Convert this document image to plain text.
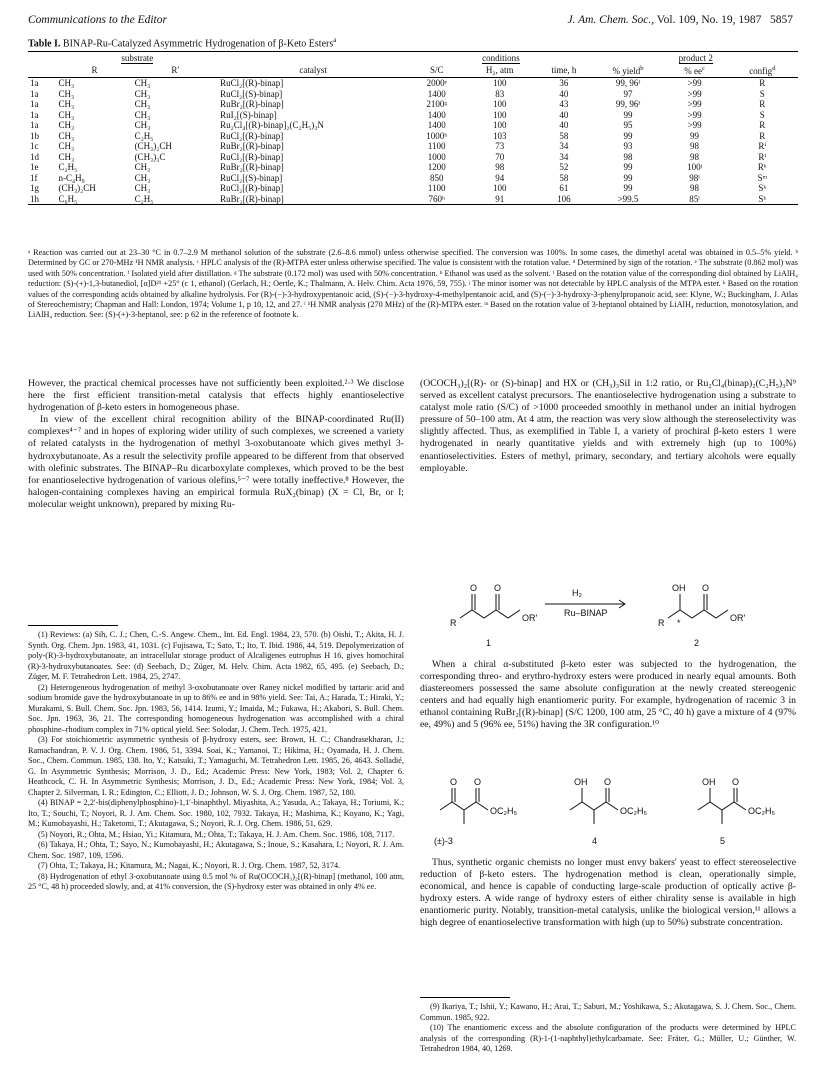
Communications to the Editor	J. Am. Chem. Soc., Vol. 109, No. 19, 1987 5857
Table I. BINAP-Ru-Catalyzed Asymmetric Hydrogenation of β-Keto Esters$^a$
	substrate			conditions			product 2		
	R	R′	catalyst	S/C	H₂, atm	time, h	% yield$^b$	% $ee^c$	config$^d$
1a	CH₃	CH₃	RuCl₂[(R)-binap]	2000ᵉ	100	36	99, 96ᶠ	>99	R
1a	CH₃	CH₃	RuCl₂[(S)-binap]	1400	83	40	97	>99	S
1a	CH₃	CH₃	RuBr₂[(R)-binap]	2100ᵍ	100	43	99, 96ᶠ	>99	R
1a	CH₃	CH₃	RuI₂[(S)-binap]	1400	100	40	99	>99	S
1a	CH₃	CH₃	Ru₂Cl₄[(R)-binap]₂(C₂H₅)₃N	1400	100	40	95	>99	R
1b	CH₃	C₂H₅	RuCl₂[(R)-binap]	1000ʰ	103	58	99	99	R
1c	CH₃	(CH₃)₂CH	RuBr₂[(R)-binap]	1100	73	34	93	98	Rⁱ
1d	CH₃	(CH₃)₃C	RuCl₂[(R)-binap]	1000	70	34	98	98	Rⁱ
1e	C₂H₅	CH₃	RuBr₂[(R)-binap]	1200	98	52	99	100ʲ	Rᵏ
1f	n-C₄H₉	CH₃	RuCl₂[(S)-binap]	850	94	58	99	98ˡ	Sᵐ
1g	(CH₃)₂CH	CH₃	RuCl₂[(R)-binap]	1100	100	61	99	98	Sᵏ
1h	C₆H₅	C₂H₅	RuBr₂[(R)-binap]	760ʰ	91	106	>99.5	85ˡ	Sᵏ
ᵃ Reaction was carried out at 23–30 °C in 0.7–2.9 M methanol solution of the substrate (2.6–8.6 mmol) unless otherwise specified. The conversion was 100%. In some cases, the dimethyl acetal was obtained in 0.5–5% yield. ᵇ Determined by GC or 270-MHz ¹H NMR analysis. ᶜ HPLC analysis of the (R)-MTPA ester unless otherwise specified. The value is consistent with the rotation value. ᵈ Determined by sign of the rotation. ᵉ The substrate (0.862 mol) was used with 50% concentration. ᶠ Isolated yield after distillation. ᵍ The substrate (0.172 mol) was used with 50% concentration. ʰ Ethanol was used as the solvent. ⁱ Based on the rotation value of the corresponding diol obtained by LiAlH₄ reduction: (S)-(+)-1,3-butanediol, [α]D²¹ +25° (c 1, ethanol) (Gerlach, H.; Oertle, K.; Thalmann, A. Helv. Chim. Acta 1976, 59, 755). ʲ The minor isomer was not detectable by HPLC analysis of the MTPA ester. ᵏ Based on the rotation values of the corresponding acids obtained by alkaline hydrolysis. For (R)-(−)-3-hydroxypentanoic acid, (S)-(−)-3-hydroxy-4-methylpentanoic acid, and (S)-(−)-3-hydroxy-3-phenylpropanoic acid, see: Klyne, W.; Buckingham, J. Atlas of Stereochemistry; Chapman and Hall: London, 1974; Volume 1, p 10, 12, and 27. ˡ ¹H NMR analysis (270 MHz) of the (R)-MTPA ester. ᵐ Based on the rotation value of 3-heptanol obtained by LiAlH₄ reduction, monotosylation, and LiAlH₄ reduction. See: (S)-(+)-3-heptanol, see: p 62 in the reference of footnote k.

However, the practical chemical processes have not sufficiently been exploited.²·³ We disclose here the first efficient transition-metal catalysis that effects highly enantioselective hydrogenation of β-keto esters in homogeneous phase.

In view of the excellent chiral recognition ability of the BINAP-coordinated Ru(II) complexes⁴⁻⁷ and in hopes of exploring wider utility of such complexes, we screened a variety of related catalysts in the hydrogenation of methyl 3-oxobutanoate which gives methyl 3-hydroxybutanoate. As a result the selectivity profile appeared to be different from that observed with olefinic substrates. The BINAP–Ru dicarboxylate complexes, which proved to be the best for enantioselective hydrogenation of various olefins,⁵⁻⁷ were totally ineffective.⁸ However, the halogen-containing complexes having an empirical formula RuX₂(binap) (X = Cl, Br, or I; molecular weight unknown), prepared by mixing Ru-

(1) Reviews: (a) Sih, C. J.; Chen, C.-S. Angew. Chem., Int. Ed. Engl. 1984, 23, 570. (b) Oishi, T.; Akita, H. J. Synth. Org. Chem. Jpn. 1983, 41, 1031. (c) Fujisawa, T.; Sato, T.; Ito, T. Ibid. 1986, 44, 519. Depolymerization of poly-(R)-3-hydroxybutanoate, an intracellular storage product of Alcaligenes eutrophus H 16, gives homochiral (R)-3-hydroxybutanoates. See: (d) Seebach, D.; Züger, M. Helv. Chim. Acta 1982, 65, 495. (e) Seebach, D.; Züger, M. F. Tetrahedron Lett. 1984, 25, 2747.

(2) Heterogeneous hydrogenation of methyl 3-oxobutanoate over Raney nickel modified by tartaric acid and sodium bromide gave the hydroxybutanoate in up to 86% ee and in 98% yield. See: Tai, A.; Harada, T.; Hiraki, Y.; Murakami, S. Bull. Chem. Soc. Jpn. 1983, 56, 1414. Izumi, Y.; Imaida, M.; Fukawa, H.; Akabori, S. Bull. Chem. Soc. Jpn. 1963, 36, 21. The corresponding homogeneous hydrogenation was accomplished with a chiral phosphine–rhodium complex in 71% optical yield. See: Solodar, J. Chem. Tech. 1975, 421.

(3) For stoichiometric asymmetric synthesis of β-hydroxy esters, see: Brown, H. C.; Chandrasekharan, J.; Ramachandran, P. V. J. Org. Chem. 1986, 51, 3394. Soai, K.; Yamanoi, T.; Hikima, H.; Oyamada, H. J. Chem. Soc., Chem. Commun. 1985, 138. Ito, Y.; Katsuki, T.; Yamaguchi, M. Tetrahedron Lett. 1985, 26, 4643. Solladié, G. In Asymmetric Synthesis; Morrison, J. D., Ed.; Academic Press: New York, 1983; Vol. 2, Chapter 6. Heathcock, C. H. In Asymmetric Synthesis; Morrison, J. D., Ed.; Academic Press: New York, 1984; Vol. 3, Chapter 2. Silverman, I. R.; Edington, C.; Elliott, J. D.; Johnson, W. S. J. Org. Chem. 1987, 52, 180.

(4) BINAP = 2,2′-bis(diphenylphosphino)-1,1′-binaphthyl. Miyashita, A.; Yasuda, A.; Takaya, H.; Toriumi, K.; Ito, T.; Souchi, T.; Noyori, R. J. Am. Chem. Soc. 1980, 102, 7932. Takaya, H.; Mashima, K.; Koyano, K.; Yagi, M.; Kumobayashi, H.; Taketomi, T.; Akutagawa, S.; Noyori, R. J. Org. Chem. 1986, 51, 629.

(5) Noyori, R.; Ohta, M.; Hsiao, Yi.; Kitamura, M.; Ohta, T.; Takaya, H. J. Am. Chem. Soc. 1986, 108, 7117.

(6) Takaya, H.; Ohta, T.; Sayo, N.; Kumobayashi, H.; Akutagawa, S.; Inoue, S.; Kasahara, I.; Noyori, R. J. Am. Chem. Soc. 1987, 109, 1596.

(7) Ohta, T.; Takaya, H.; Kitamura, M.; Nagai, K.; Noyori, R. J. Org. Chem. 1987, 52, 3174.

(8) Hydrogenation of ethyl 3-oxobutanoate using 0.5 mol % of Ru(OCOCH₃)₂[(R)-binap] (methanol, 100 atm, 25 °C, 48 h) proceeded slowly, and, at 41% conversion, the (S)-hydroxy ester was obtained in only 4% ee.

(OCOCH₃)₂[(R)- or (S)-binap] and HX or (CH₃)₃SiI in 1:2 ratio, or Ru₂Cl₄(binap)₂(C₂H₅)₃N⁹ served as excellent catalyst precursors. The enantioselective hydrogenation using a substrate to catalyst mole ratio (S/C) of >1000 proceeded smoothly in methanol under an initial hydrogen pressure of 50–100 atm. At 4 atm, the reaction was very slow although the stereoselectivity was slightly affected. Thus, as exemplified in Table I, a variety of prochiral β-keto esters 1 were hydrogenated in nearly quantitative yields and with extremely high (up to 100%) enantioselectivities. Esters of methyl, primary, secondary, and tertiary alcohols were equally employable.

O O
R	OR′
H₂
Ru–BINAP
OH O
R *	OR′
1	2

When a chiral α-substituted β-keto ester was subjected to the hydrogenation, the corresponding threo- and erythro-hydroxy esters were produced in nearly equal amounts. Both diastereomers possessed the same absolute configuration at the newly created stereogenic centers and had equally high enantiomeric purity. For example, hydrogenation of racemic 3 in ethanol containing RuBr₂[(R)-binap] (S/C 1200, 100 atm, 25 °C, 40 h) gave a mixture of 4 (97% ee, 49%) and 5 (96% ee, 51%) having the 3R configuration.¹⁰

O O
OC₂H₅
(±)-3
OH O
OC₂H₅
4
OH O
OC₂H₅
5

Thus, synthetic organic chemists no longer must envy bakers' yeast to effect stereoselective reduction of β-keto esters. The hydrogenation method is clean, operationally simple, economical, and hence is capable of conducting large-scale production of optically active β-hydroxy esters. A wide range of hydroxy esters of either chirality sense is available in high enantiomeric purity. Notably, transition-metal catalysis, unlike the biological version,¹¹ allows a high degree of enantioselective transformation with high (up to 50%) substrate concentration.

(9) Ikariya, T.; Ishii, Y.; Kawano, H.; Arai, T.; Saburi, M.; Yoshikawa, S.; Akutagawa, S. J. Chem. Soc., Chem. Commun. 1985, 922.

(10) The enantiomeric excess and the absolute configuration of the products were determined by HPLC analysis of the corresponding (R)-1-(1-naphthyl)ethylcarbamate. See: Fräter, G.; Müller, U.; Günther, W. Tetrahedron 1984, 40, 1269.
